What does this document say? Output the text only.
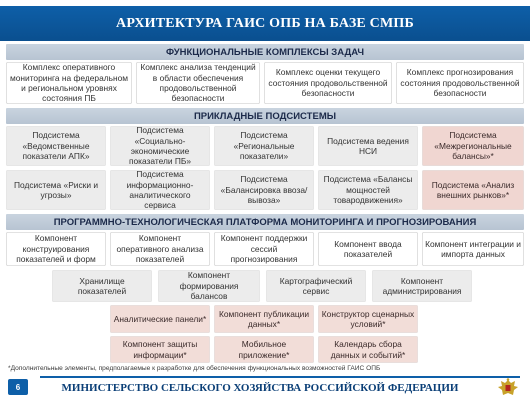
АРХИТЕКТУРА ГАИС ОПБ НА БАЗЕ СМПБ
ФУНКЦИОНАЛЬНЫЕ КОМПЛЕКСЫ ЗАДАЧ
Комплекс оперативного мониторинга на федеральном и региональном уровнях состояния ПБ
Комплекс анализа тенденций в области обеспечения продовольственной безопасности
Комплекс оценки текущего состояния продовольственной безопасности
Комплекс прогнозирования состояния продовольственной безопасности
ПРИКЛАДНЫЕ ПОДСИСТЕМЫ
Подсистема «Ведомственные показатели АПК»
Подсистема «Социально-экономические показатели ПБ»
Подсистема «Региональные показатели»
Подсистема ведения НСИ
Подсистема «Межрегиональные балансы»*
Подсистема «Риски и угрозы»
Подсистема информационно-аналитического сервиса
Подсистема «Балансировка ввоза/вывоза»
Подсистема «Балансы мощностей товародвижения»
Подсистема «Анализ внешних рынков»*
ПРОГРАММНО-ТЕХНОЛОГИЧЕСКАЯ ПЛАТФОРМА МОНИТОРИНГА И ПРОГНОЗИРОВАНИЯ
Компонент конструирования показателей и форм
Компонент оперативного анализа показателей
Компонент поддержки сессий прогнозирования
Компонент ввода показателей
Компонент интеграции и импорта данных
Хранилище показателей
Компонент формирования балансов
Картографический сервис
Компонент администрирования
Аналитические панели*
Компонент публикации данных*
Конструктор сценарных условий*
Компонент защиты информации*
Мобильное приложение*
Календарь сбора данных и событий*
*Дополнительные элементы, предполагаемые к разработке для обеспечения функциональных возможностей ГАИС ОПБ
6	МИНИСТЕРСТВО СЕЛЬСКОГО ХОЗЯЙСТВА РОССИЙСКОЙ ФЕДЕРАЦИИ
